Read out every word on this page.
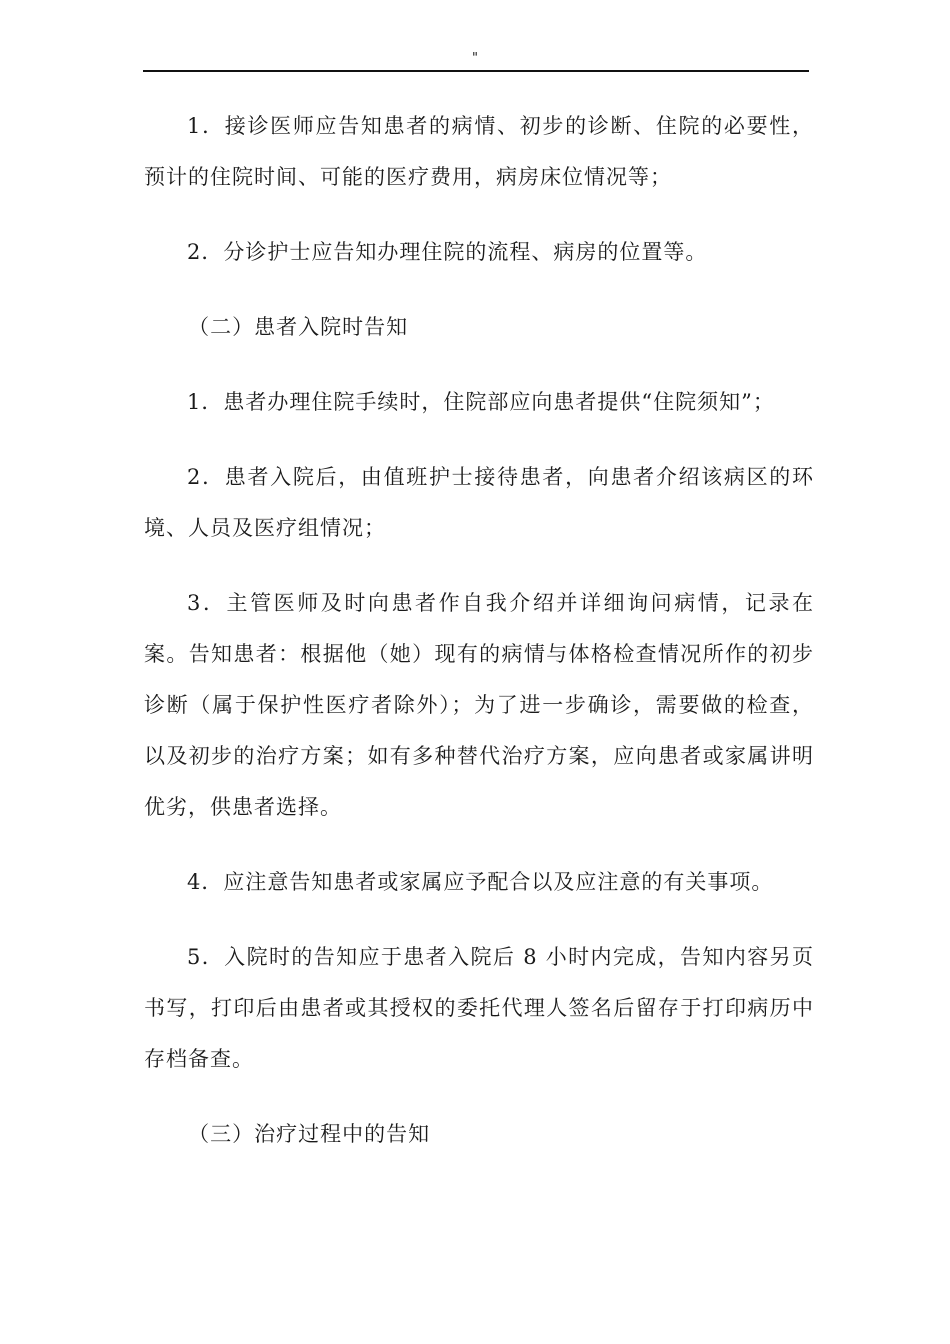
"

1．接诊医师应告知患者的病情、初步的诊断、住院的必要性，预计的住院时间、可能的医疗费用，病房床位情况等；

2．分诊护士应告知办理住院的流程、病房的位置等。

（二）患者入院时告知

1．患者办理住院手续时，住院部应向患者提供“住院须知”；

2．患者入院后，由值班护士接待患者，向患者介绍该病区的环境、人员及医疗组情况；

3．主管医师及时向患者作自我介绍并详细询问病情，记录在案。告知患者：根据他（她）现有的病情与体格检查情况所作的初步诊断（属于保护性医疗者除外）；为了进一步确诊，需要做的检查，以及初步的治疗方案；如有多种替代治疗方案，应向患者或家属讲明优劣，供患者选择。

4．应注意告知患者或家属应予配合以及应注意的有关事项。

5．入院时的告知应于患者入院后 8 小时内完成，告知内容另页书写，打印后由患者或其授权的委托代理人签名后留存于打印病历中存档备查。

（三）治疗过程中的告知
